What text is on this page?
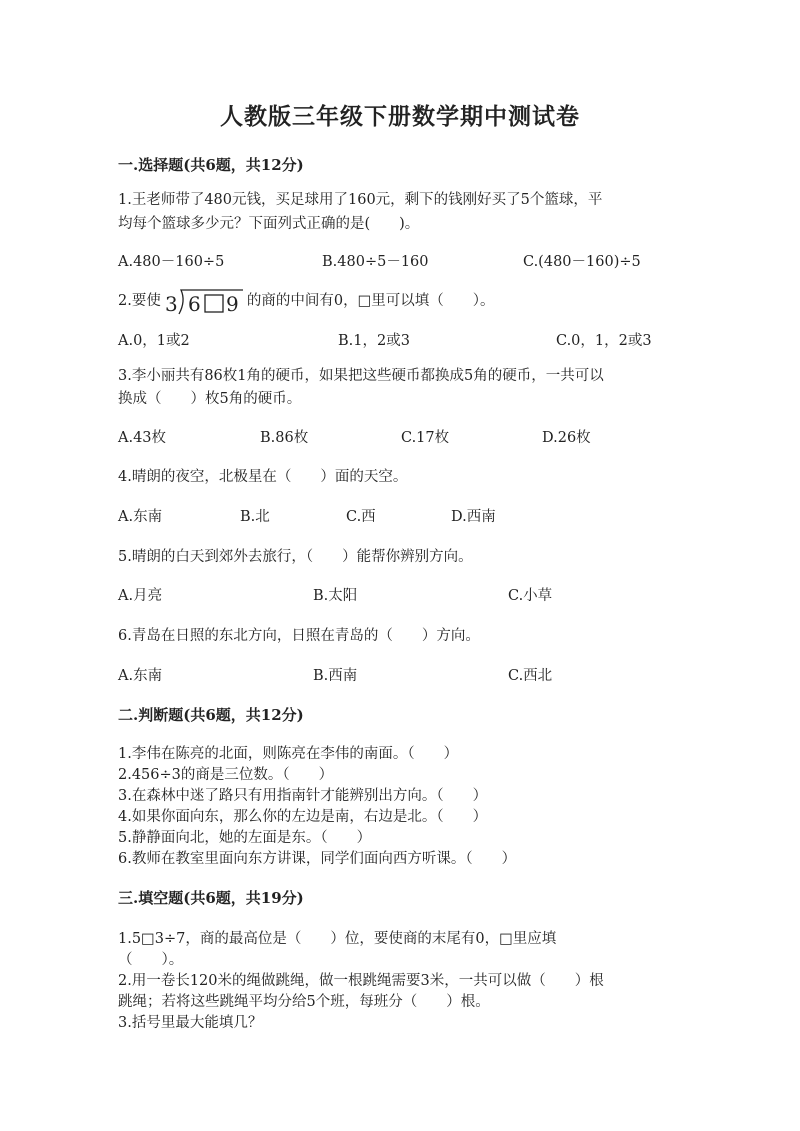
人教版三年级下册数学期中测试卷
一.选择题(共6题，共12分)
1.王老师带了480元钱，买足球用了160元，剩下的钱刚好买了5个篮球，平
均每个篮球多少元？下面列式正确的是(　　)。
A.480－160÷5	B.480÷5－160	C.(480－160)÷5
2.要使 3 6 9 的商的中间有0，□里可以填（　　）。
A.0，1或2	B.1，2或3	C.0，1，2或3
3.李小丽共有86枚1角的硬币，如果把这些硬币都换成5角的硬币，一共可以
换成（　　）枚5角的硬币。
A.43枚	B.86枚	C.17枚	D.26枚
4.晴朗的夜空，北极星在（　　）面的天空。
A.东南	B.北	C.西	D.西南
5.晴朗的白天到郊外去旅行，（　　）能帮你辨别方向。
A.月亮	B.太阳	C.小草
6.青岛在日照的东北方向，日照在青岛的（　　）方向。
A.东南	B.西南	C.西北
二.判断题(共6题，共12分)
1.李伟在陈亮的北面，则陈亮在李伟的南面。（　　）
2.456÷3的商是三位数。（　　）
3.在森林中迷了路只有用指南针才能辨别出方向。（　　）
4.如果你面向东，那么你的左边是南，右边是北。（　　）
5.静静面向北，她的左面是东。（　　）
6.教师在教室里面向东方讲课，同学们面向西方听课。（　　）
三.填空题(共6题，共19分)
1.5□3÷7，商的最高位是（　　）位，要使商的末尾有0，□里应填
（　　）。
2.用一卷长120米的绳做跳绳，做一根跳绳需要3米，一共可以做（　　）根
跳绳；若将这些跳绳平均分给5个班，每班分（　　）根。
3.括号里最大能填几？
